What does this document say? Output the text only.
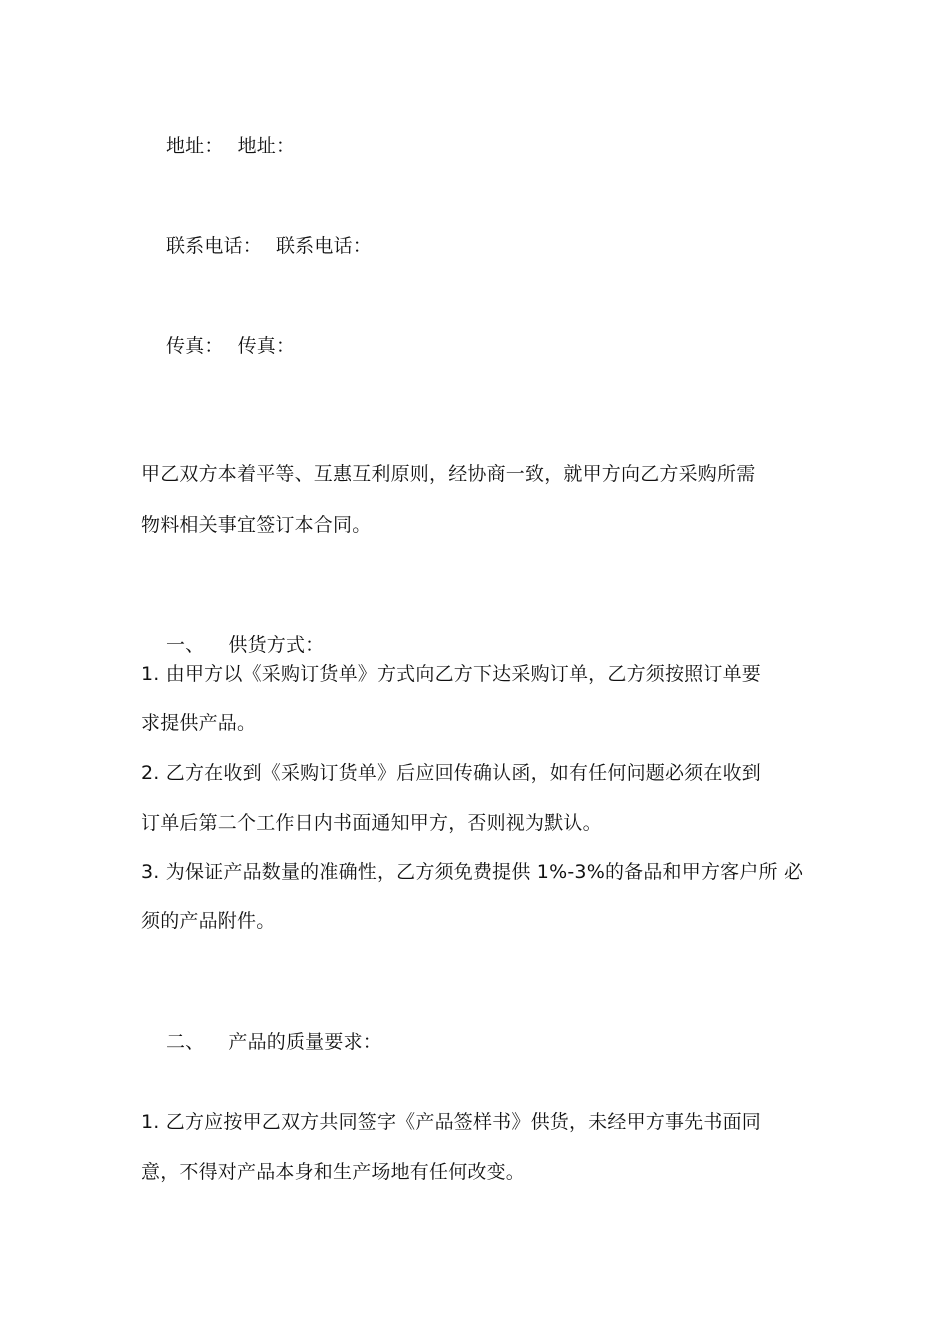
地址： 地址：

联系电话： 联系电话：

传真： 传真：

甲乙双方本着平等、互惠互利原则，经协商一致，就甲方向乙方采购所需
物料相关事宜签订本合同。

一、 供货方式：

1. 由甲方以《采购订货单》方式向乙方下达采购订单，乙方须按照订单要
求提供产品。
2. 乙方在收到《采购订货单》后应回传确认函，如有任何问题必须在收到
订单后第二个工作日内书面通知甲方，否则视为默认。
3. 为保证产品数量的准确性，乙方须免费提供 1%-3%的备品和甲方客户所 必
须的产品附件。

二、 产品的质量要求：

1. 乙方应按甲乙双方共同签字《产品签样书》供货，未经甲方事先书面同
意，不得对产品本身和生产场地有任何改变。
